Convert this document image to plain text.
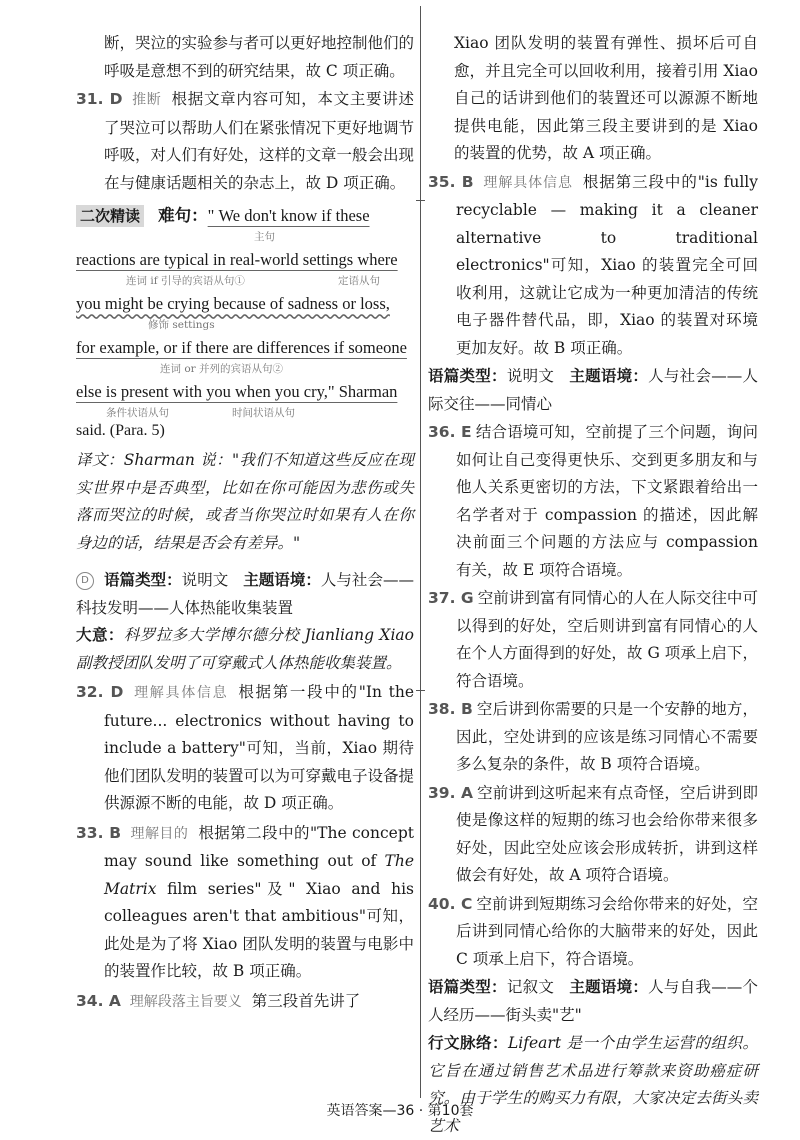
断，哭泣的实验参与者可以更好地控制他们的呼吸是意想不到的研究结果，故 C 项正确。

31. D 推断 根据文章内容可知，本文主要讲述了哭泣可以帮助人们在紧张情况下更好地调节呼吸，对人们有好处，这样的文章一般会出现在与健康话题相关的杂志上，故 D 项正确。

二次精读 难句：" We don't know if these
主句
reactions are typical in real-world settings where
连词 if 引导的宾语从句①	定语从句
you might be crying because of sadness or loss,
修饰 settings
for example, or if there are differences if someone
连词 or 并列的宾语从句②
else is present with you when you cry," Sharman
条件状语从句	时间状语从句
said. (Para. 5)

译文：Sharman 说："我们不知道这些反应在现实世界中是否典型，比如在你可能因为悲伤或失落而哭泣的时候，或者当你哭泣时如果有人在你身边的话，结果是否会有差异。"

D 语篇类型：说明文 主题语境：人与社会——科技发明——人体热能收集装置

大意：科罗拉多大学博尔德分校 Jianliang Xiao 副教授团队发明了可穿戴式人体热能收集装置。

32. D 理解具体信息 根据第一段中的"In the future... electronics without having to include a battery"可知，当前，Xiao 期待他们团队发明的装置可以为可穿戴电子设备提供源源不断的电能，故 D 项正确。

33. B 理解目的 根据第二段中的"The concept may sound like something out of The Matrix film series"及" Xiao and his colleagues aren't that ambitious"可知，此处是为了将 Xiao 团队发明的装置与电影中的装置作比较，故 B 项正确。

34. A 理解段落主旨要义 第三段首先讲了

Xiao 团队发明的装置有弹性、损坏后可自愈，并且完全可以回收利用，接着引用 Xiao 自己的话讲到他们的装置还可以源源不断地提供电能，因此第三段主要讲到的是 Xiao 的装置的优势，故 A 项正确。

35. B 理解具体信息 根据第三段中的"is fully recyclable — making it a cleaner alternative to traditional electronics"可知，Xiao 的装置完全可回收利用，这就让它成为一种更加清洁的传统电子器件替代品，即，Xiao 的装置对环境更加友好。故 B 项正确。

语篇类型：说明文 主题语境：人与社会——人际交往——同情心

36. E 结合语境可知，空前提了三个问题，询问如何让自己变得更快乐、交到更多朋友和与他人关系更密切的方法，下文紧跟着给出一名学者对于 compassion 的描述，因此解决前面三个问题的方法应与 compassion 有关，故 E 项符合语境。

37. G 空前讲到富有同情心的人在人际交往中可以得到的好处，空后则讲到富有同情心的人在个人方面得到的好处，故 G 项承上启下，符合语境。

38. B 空后讲到你需要的只是一个安静的地方，因此，空处讲到的应该是练习同情心不需要多么复杂的条件，故 B 项符合语境。

39. A 空前讲到这听起来有点奇怪，空后讲到即使是像这样的短期的练习也会给你带来很多好处，因此空处应该会形成转折，讲到这样做会有好处，故 A 项符合语境。

40. C 空前讲到短期练习会给你带来的好处，空后讲到同情心给你的大脑带来的好处，因此 C 项承上启下，符合语境。

语篇类型：记叙文 主题语境：人与自我——个人经历——街头卖"艺"

行文脉络：Lifeart 是一个由学生运营的组织。它旨在通过销售艺术品进行筹款来资助癌症研究。由于学生的购买力有限，大家决定去街头卖艺术

英语答案—36 · 第10套
